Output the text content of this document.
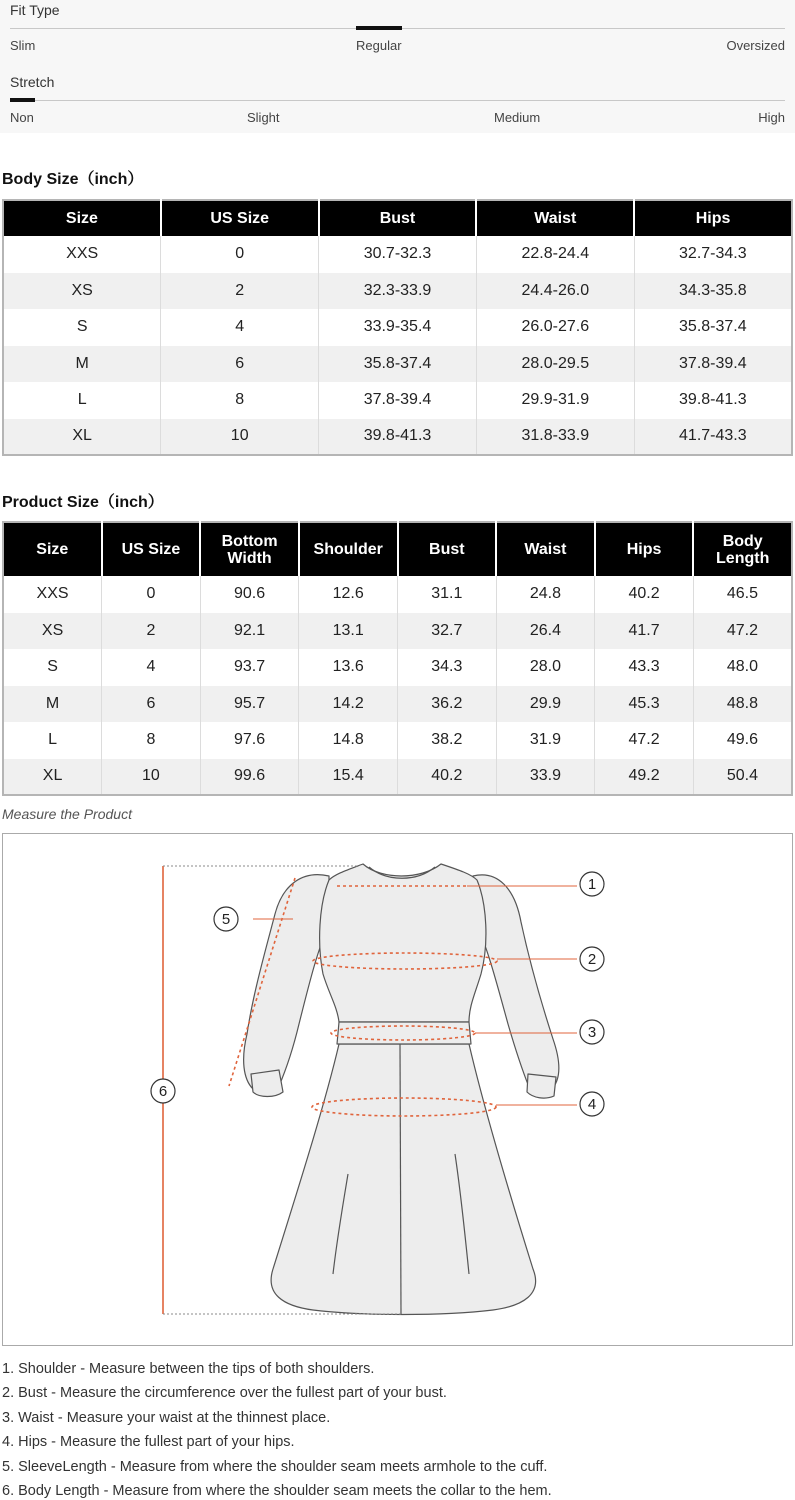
Fit Type
Slim	Regular	Oversized
Stretch
Non	Slight	Medium	High
Body Size（inch）
Size	US Size	Bust	Waist	Hips
XXS	0	30.7-32.3	22.8-24.4	32.7-34.3
XS	2	32.3-33.9	24.4-26.0	34.3-35.8
S	4	33.9-35.4	26.0-27.6	35.8-37.4
M	6	35.8-37.4	28.0-29.5	37.8-39.4
L	8	37.8-39.4	29.9-31.9	39.8-41.3
XL	10	39.8-41.3	31.8-33.9	41.7-43.3
Product Size（inch）
Size	US Size	Bottom Width	Shoulder	Bust	Waist	Hips	Body Length
XXS	0	90.6	12.6	31.1	24.8	40.2	46.5
XS	2	92.1	13.1	32.7	26.4	41.7	47.2
S	4	93.7	13.6	34.3	28.0	43.3	48.0
M	6	95.7	14.2	36.2	29.9	45.3	48.8
L	8	97.6	14.8	38.2	31.9	47.2	49.6
XL	10	99.6	15.4	40.2	33.9	49.2	50.4
Measure the Product
1
2
3
4
5
6

1. Shoulder - Measure between the tips of both shoulders.

2. Bust - Measure the circumference over the fullest part of your bust.

3. Waist - Measure your waist at the thinnest place.

4. Hips - Measure the fullest part of your hips.

5. SleeveLength - Measure from where the shoulder seam meets armhole to the cuff.

6. Body Length - Measure from where the shoulder seam meets the collar to the hem.
